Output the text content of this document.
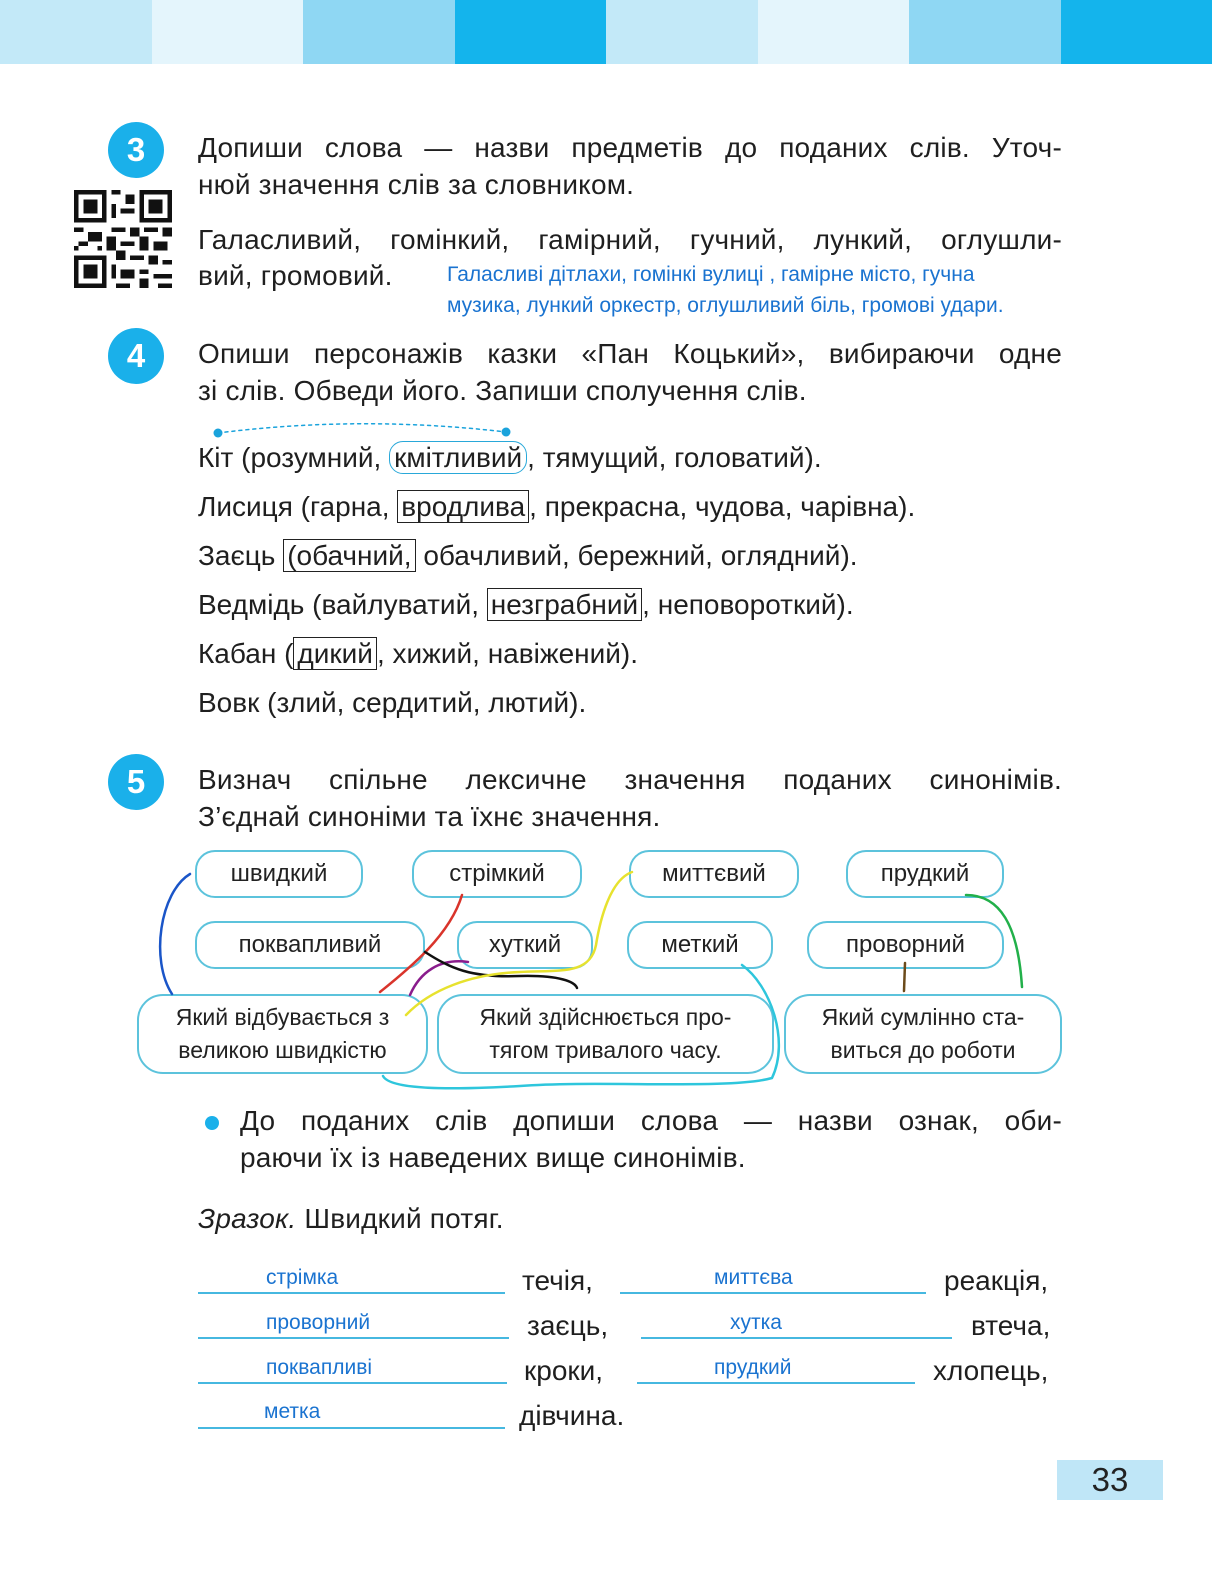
3	Допиши слова — назви предметів до поданих слів. Уточ-
нюй значення слів за словником.
Галасливий, гомінкий, гамірний, гучний, лункий, оглушли-
вий, громовий.	Галасливі дітлахи, гомінкі вулиці , гамірне місто, гучна
музика, лункий оркестр, оглушливий біль, громові удари.
4	Опиши персонажів казки «Пан Коцький», вибираючи одне
зі слів. Обведи його. Запиши сполучення слів.
Кіт (розумний, кмітливий , тямущий, головатий).
Лисиця (гарна, вродлива , прекрасна, чудова, чарівна).
Заєць (обачний, обачливий, бережний, оглядний).
Ведмідь (вайлуватий, незграбний , неповороткий).
Кабан ( дикий , хижий, навіжений).
Вовк (злий, сердитий, лютий).
5	Визнач спільне лексичне значення поданих синонімів.
З’єднай синоніми та їхнє значення.
швидкий	стрімкий	миттєвий	прудкий
поквапливий	хуткий	меткий	проворний
Який відбувається з
великою швидкістю
Який здійснюється про-
тягом тривалого часу.
Який сумлінно ста-
виться до роботи
До поданих слів допиши слова — назви ознак, оби-
раючи їх із наведених вище синонімів.
Зразок. Швидкий потяг.
стрімка	течія,	миттєва	реакція,
проворний	заєць,	хутка	втеча,
поквапливі	кроки,	прудкий	хлопець,
метка	дівчина.
33
